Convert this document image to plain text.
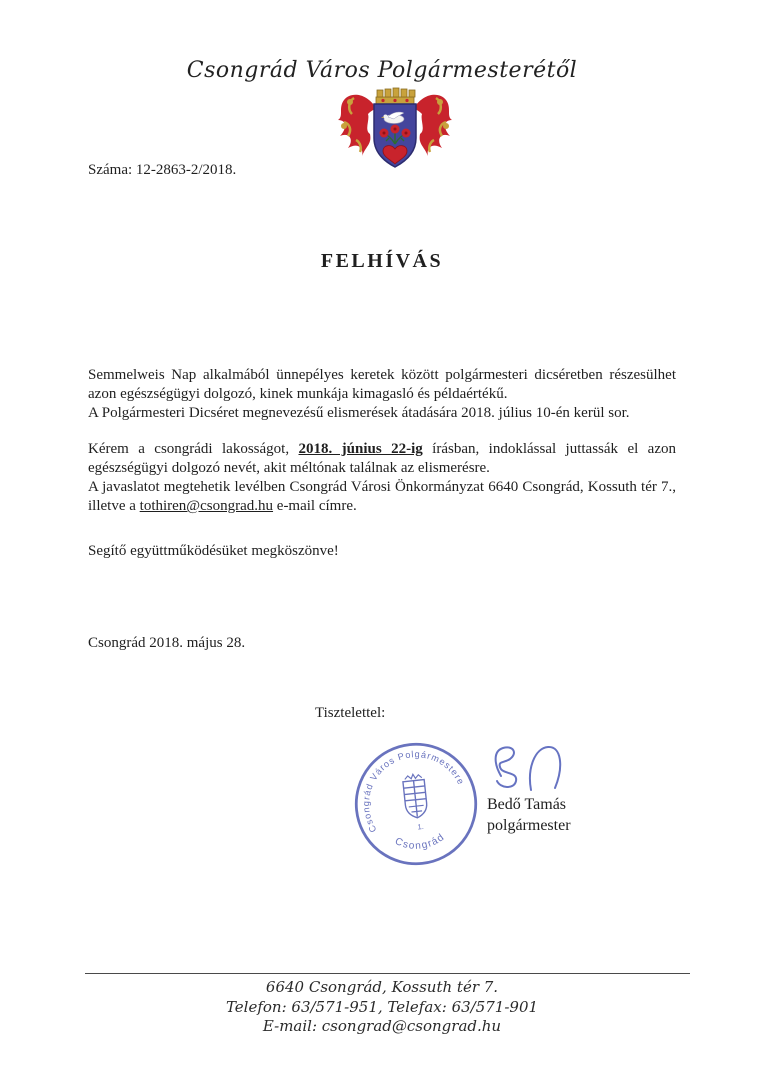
Csongrád Város Polgármesterétől
Száma: 12-2863-2/2018.
FELHÍVÁS

Semmelweis Nap alkalmából ünnepélyes keretek között polgármesteri dicséretben részesülhet azon egészségügyi dolgozó, kinek munkája kimagasló és példaértékű.

A Polgármesteri Dicséret megnevezésű elismerések átadására 2018. július 10-én kerül sor.

Kérem a csongrádi lakosságot, 2018. június 22-ig írásban, indoklással juttassák el azon egészségügyi dolgozó nevét, akit méltónak találnak az elismerésre.

A javaslatot megtehetik levélben Csongrád Városi Önkormányzat 6640 Csongrád, Kossuth tér 7., illetve a tothiren@csongrad.hu e-mail címre.

Segítő együttműködésüket megköszönve!
Csongrád 2018. május 28.
Tisztelettel:
Csongrád Város Polgármestere
Csongrád
1.
Bedő Tamás
polgármester
6640 Csongrád, Kossuth tér 7.
Telefon: 63/571-951, Telefax: 63/571-901
E-mail: csongrad@csongrad.hu
